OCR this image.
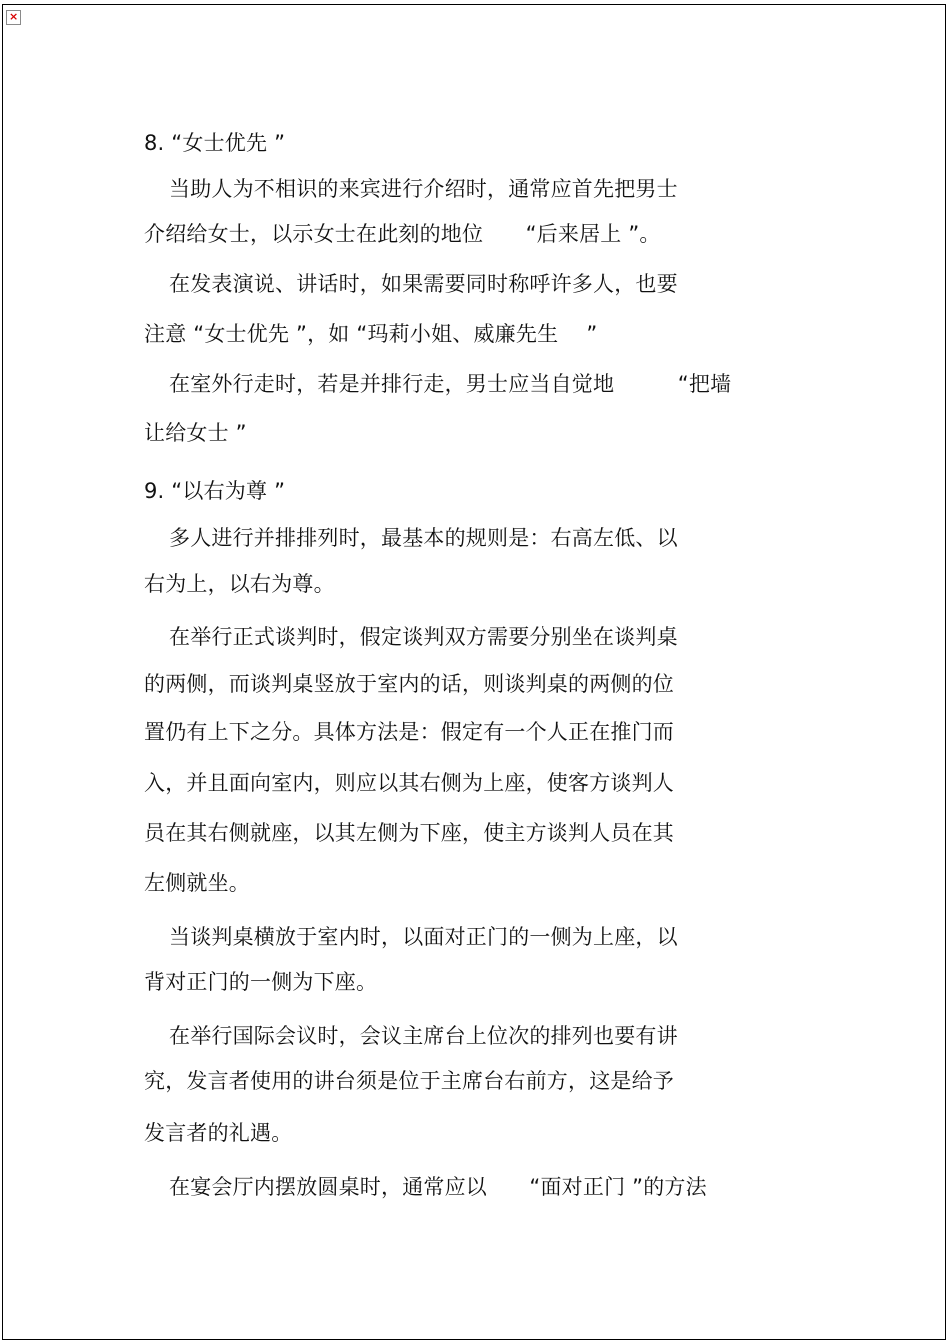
×
8. “女士优先 ”
当助人为不相识的来宾进行介绍时，通常应首先把男士
介绍给女士，以示女士在此刻的地位　　“后来居上 ”。
在发表演说、讲话时，如果需要同时称呼许多人，也要
注意 “女士优先 ”，如 “玛莉小姐、威廉先生 　”
在室外行走时，若是并排行走，男士应当自觉地　　　“把墙
让给女士 ”
9. “以右为尊 ”
多人进行并排排列时，最基本的规则是：右高左低、以
右为上，以右为尊。
在举行正式谈判时，假定谈判双方需要分别坐在谈判桌
的两侧，而谈判桌竖放于室内的话，则谈判桌的两侧的位
置仍有上下之分。具体方法是：假定有一个人正在推门而
入，并且面向室内，则应以其右侧为上座，使客方谈判人
员在其右侧就座，以其左侧为下座，使主方谈判人员在其
左侧就坐。
当谈判桌横放于室内时，以面对正门的一侧为上座，以
背对正门的一侧为下座。
在举行国际会议时，会议主席台上位次的排列也要有讲
究，发言者使用的讲台须是位于主席台右前方，这是给予
发言者的礼遇。
在宴会厅内摆放圆桌时，通常应以　　“面对正门 ”的方法
